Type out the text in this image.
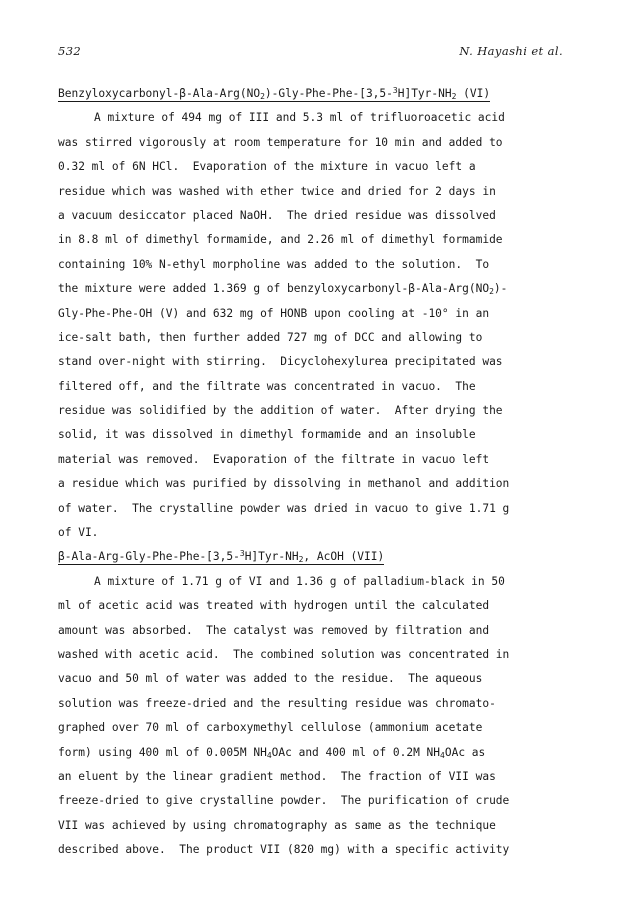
532	N. Hayashi et al.
Benzyloxycarbonyl-$\beta-Ala-Arg(NO_2)-Gly-Phe-Phe-[3,5-^3H]Tyr-NH_2$ (VI)
A mixture of 494 mg of III and 5.3 ml of trifluoroacetic acid
was stirred vigorously at room temperature for 10 min and added to
0.32 ml of 6N HCl.  Evaporation of the mixture in vacuo left a
residue which was washed with ether twice and dried for 2 days in
a vacuum desiccator placed NaOH.  The dried residue was dissolved
in 8.8 ml of dimethyl formamide, and 2.26 ml of dimethyl formamide
containing 10% N-ethyl morpholine was added to the solution.  To
the mixture were added 1.369 g of benzyloxycarbonyl-$\beta-Ala-Arg(NO_2)-$
Gly-Phe-Phe-OH (V) and 632 mg of HONB upon cooling at -10° in an
ice-salt bath, then further added 727 mg of DCC and allowing to
stand over-night with stirring.  Dicyclohexylurea precipitated was
filtered off, and the filtrate was concentrated in vacuo.  The
residue was solidified by the addition of water.  After drying the
solid, it was dissolved in dimethyl formamide and an insoluble
material was removed.  Evaporation of the filtrate in vacuo left
a residue which was purified by dissolving in methanol and addition
of water.  The crystalline powder was dried in vacuo to give 1.71 g
of VI.
$\beta-Ala-Arg-Gly-Phe-Phe-[3,5-^3H]Tyr-NH_2$, AcOH (VII)
A mixture of 1.71 g of VI and 1.36 g of palladium-black in 50
ml of acetic acid was treated with hydrogen until the calculated
amount was absorbed.  The catalyst was removed by filtration and
washed with acetic acid.  The combined solution was concentrated in
vacuo and 50 ml of water was added to the residue.  The aqueous
solution was freeze-dried and the resulting residue was chromato-
graphed over 70 ml of carboxymethyl cellulose (ammonium acetate
form) using 400 ml of 0.005M $NH_4OAc$ and 400 ml of 0.2M $NH_4OAc$ as
an eluent by the linear gradient method.  The fraction of VII was
freeze-dried to give crystalline powder.  The purification of crude
VII was achieved by using chromatography as same as the technique
described above.  The product VII (820 mg) with a specific activity
